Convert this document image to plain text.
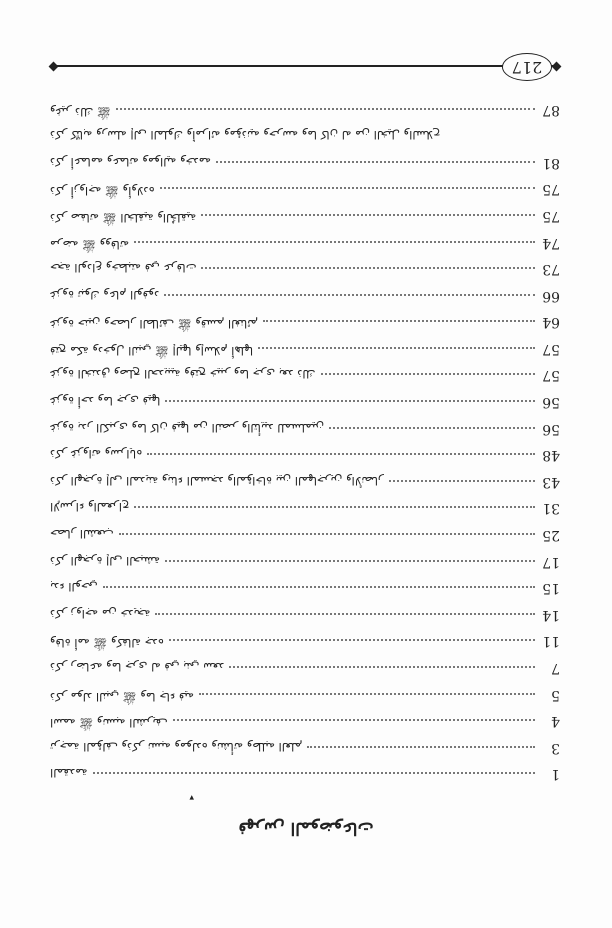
فهرس الموضوعات
▾
المقدمة	1
ترجمة المؤلف وذكر نسبه ومولده ونشأته وطلبه العلم	3
اسمه ﷺ ونسبه الشريف	4
ذكر مولد النبي ﷺ وما جاء فيه	5
ذكر رضاعه وما جرى له في بني سعد	7
وفاة أمه ﷺ وكفالة جده	11
ذكر زواجه من خديجة	14
بدء الوحي	15
ذكر الهجرة إلى الحبشة	17
حصار الشعب	25
الإسراء والمعراج	31
ذكر الهجرة إلى المدينة وبناء المسجد والمؤاخاة بين المهاجرين والأنصار	43
ذكر غزواته وسراياه	48
غزوة بدر الكبرى وما كان فيها من النصر والتأييد للمسلمين	56
غزوة أحد وما جرى فيها	56
غزوة الخندق وصلح الحديبية وفتح خيبر وما جرى بعد ذلك	57
فتح مكة ودخول النبي ﷺ إليها وإسلام أهلها	57
غزوة حنين وحصار الطائف ﷺ وقسم الغنائم	64
غزوة تبوك وعام الوفود	66
حجة الوداع وخطبته في عرفات	73
مرضه ﷺ ووفاته	74
ذكر صفاته ﷺ الخلقية والخُلقية	75
ذكر أزواجه ﷺ وأولاده	75
ذكر أعمامه وعماته ومواليه وخدمه	81
ذكر كتّابه ورسله إلى الملوك وأمرائه ومؤذنيه وحرسه وما كان له من الخيل والسلاح
وغير ذلك ﷺ	87
217
